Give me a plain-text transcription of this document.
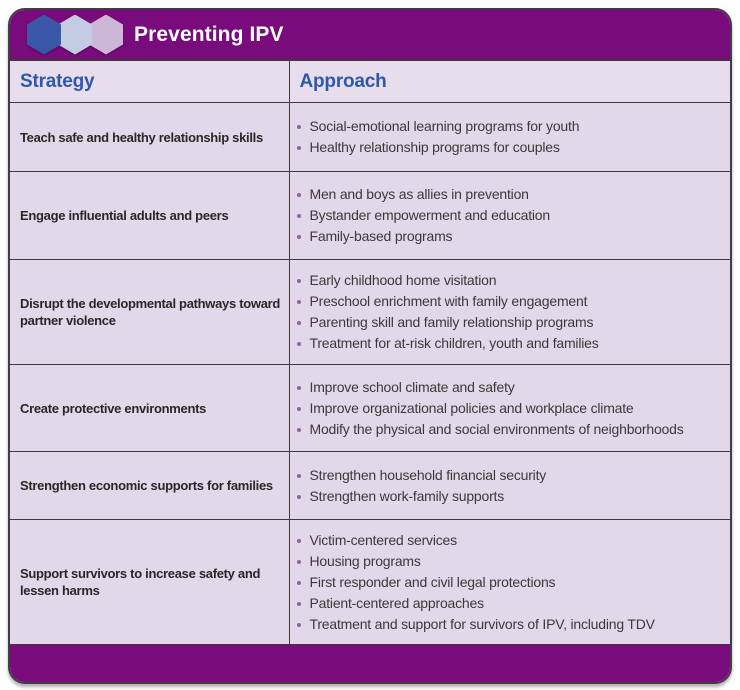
Preventing IPV
Strategy	Approach
Teach safe and healthy relationship skills	
Social-emotional learning programs for youth
Healthy relationship programs for couples

Engage influential adults and peers	
Men and boys as allies in prevention
Bystander empowerment and education
Family-based programs

Disrupt the developmental pathways toward partner violence	
Early childhood home visitation
Preschool enrichment with family engagement
Parenting skill and family relationship programs
Treatment for at-risk children, youth and families

Create protective environments	
Improve school climate and safety
Improve organizational policies and workplace climate
Modify the physical and social environments of neighborhoods

Strengthen economic supports for families	
Strengthen household financial security
Strengthen work-family supports

Support survivors to increase safety and lessen harms	
Victim-centered services
Housing programs
First responder and civil legal protections
Patient-centered approaches
Treatment and support for survivors of IPV, including TDV
